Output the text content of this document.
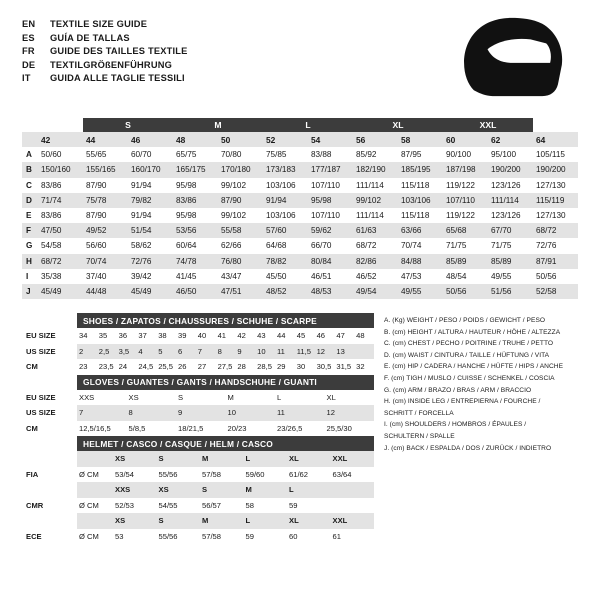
EN	TEXTILE SIZE GUIDE
ES	GUÍA DE TALLAS
FR	GUIDE DES TAILLES TEXTILE
DE	TEXTILGRÖßENFÜHRUNG
IT	GUIDA ALLE TAGLIE TESSILI
		S		M		L		XL		XXL		
	42	44	46	48	50	52	54	56	58	60	62	64
A	50/60	55/65	60/70	65/75	70/80	75/85	83/88	85/92	87/95	90/100	95/100	105/115
B	150/160	155/165	160/170	165/175	170/180	173/183	177/187	182/190	185/195	187/198	190/200	190/200
C	83/86	87/90	91/94	95/98	99/102	103/106	107/110	111/114	115/118	119/122	123/126	127/130
D	71/74	75/78	79/82	83/86	87/90	91/94	95/98	99/102	103/106	107/110	111/114	115/119
E	83/86	87/90	91/94	95/98	99/102	103/106	107/110	111/114	115/118	119/122	123/126	127/130
F	47/50	49/52	51/54	53/56	55/58	57/60	59/62	61/63	63/66	65/68	67/70	68/72
G	54/58	56/60	58/62	60/64	62/66	64/68	66/70	68/72	70/74	71/75	71/75	72/76
H	68/72	70/74	72/76	74/78	76/80	78/82	80/84	82/86	84/88	85/89	85/89	87/91
I	35/38	37/40	39/42	41/45	43/47	45/50	46/51	46/52	47/53	48/54	49/55	50/56
J	45/49	44/48	45/49	46/50	47/51	48/52	48/53	49/54	49/55	50/56	51/56	52/58
SHOES / ZAPATOS / CHAUSSURES / SCHUHE / SCARPE
EU SIZE	34	35	36	37	38	39	40	41	42	43	44	45	46	47	48
US SIZE	2	2,5	3,5	4	5	6	7	8	9	10	11	11,5	12	13	
CM	23	23,5	24	24,5	25,5	26	27	27,5	28	28,5	29	30	30,5	31,5	32
GLOVES / GUANTES / GANTS / HANDSCHUHE / GUANTI
EU SIZE	XXS	XS	S	M	L	XL
US SIZE	7	8	9	10	11	12
CM	12,5/16,5	5/8,5	18/21,5	20/23	23/26,5	25,5/30
HELMET / CASCO / CASQUE / HELM / CASCO
		XS	S	M	L	XL	XXL
FIA	Ø CM	53/54	55/56	57/58	59/60	61/62	63/64
		XXS	XS	S	M	L	
CMR	Ø CM	52/53	54/55	56/57	58	59	
		XS	S	M	L	XL	XXL
ECE	Ø CM	53	55/56	57/58	59	60	61
A. (Kg) WEIGHT / PESO / POIDS / GEWICHT / PESO
B. (cm) HEIGHT / ALTURA / HAUTEUR / HÖHE / ALTEZZA
C. (cm) CHEST / PECHO / POITRINE / TRUHE / PETTO
D. (cm) WAIST / CINTURA / TAILLE / HÜFTUNG / VITA
E. (cm) HIP / CADERA / HANCHE / HÜFTE / HIPS / ANCHE
F. (cm) TIGH / MUSLO / CUISSE / SCHENKEL / COSCIA
G. (cm) ARM / BRAZO / BRAS / ARM / BRACCIO
H. (cm) INSIDE LEG / ENTREPIERNA / FOURCHE /
SCHRITT / FORCELLA
I. (cm) SHOULDERS / HOMBROS / ÉPAULES /
SCHULTERN / SPALLE
J. (cm) BACK / ESPALDA / DOS / ZURÜCK / INDIETRO
